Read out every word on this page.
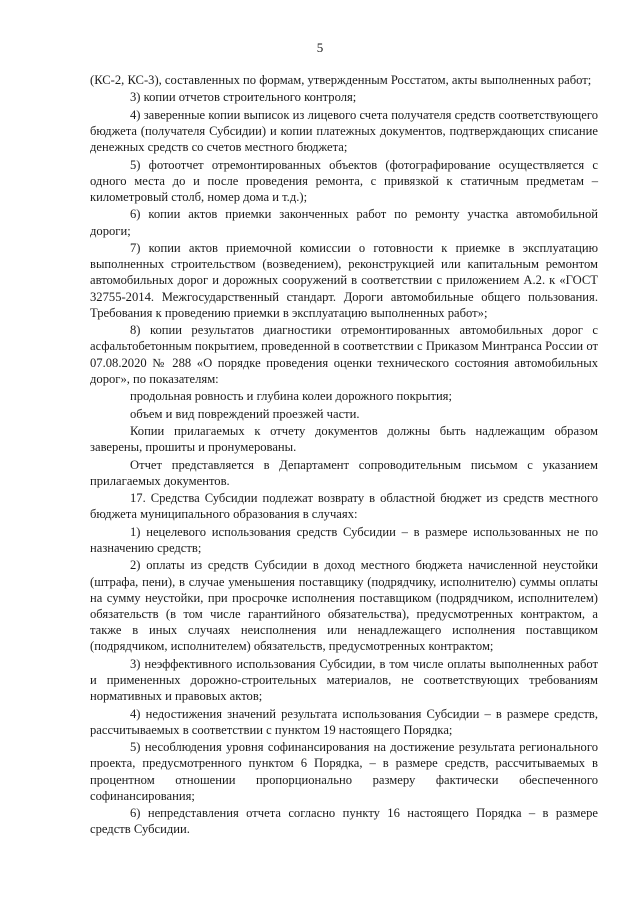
5

(КС-2, КС-3), составленных по формам, утвержденным Росстатом, акты выполненных работ;

3) копии отчетов строительного контроля;

4) заверенные копии выписок из лицевого счета получателя средств соответствующего бюджета (получателя Субсидии) и копии платежных документов, подтверждающих списание денежных средств со счетов местного бюджета;

5) фотоотчет отремонтированных объектов (фотографирование осуществляется с одного места до и после проведения ремонта, с привязкой к статичным предметам – километровый столб, номер дома и т.д.);

6) копии актов приемки законченных работ по ремонту участка автомобильной дороги;

7) копии актов приемочной комиссии о готовности к приемке в эксплуатацию выполненных строительством (возведением), реконструкцией или капитальным ремонтом автомобильных дорог и дорожных сооружений в соответствии с приложением А.2. к «ГОСТ 32755-2014. Межгосударственный стандарт. Дороги автомобильные общего пользования. Требования к проведению приемки в эксплуатацию выполненных работ»;

8) копии результатов диагностики отремонтированных автомобильных дорог с асфальтобетонным покрытием, проведенной в соответствии с Приказом Минтранса России от 07.08.2020 № 288 «О порядке проведения оценки технического состояния автомобильных дорог», по показателям:

продольная ровность и глубина колеи дорожного покрытия;

объем и вид повреждений проезжей части.

Копии прилагаемых к отчету документов должны быть надлежащим образом заверены, прошиты и пронумерованы.

Отчет представляется в Департамент сопроводительным письмом с указанием прилагаемых документов.

17. Средства Субсидии подлежат возврату в областной бюджет из средств местного бюджета муниципального образования в случаях:

1) нецелевого использования средств Субсидии – в размере использованных не по назначению средств;

2) оплаты из средств Субсидии в доход местного бюджета начисленной неустойки (штрафа, пени), в случае уменьшения поставщику (подрядчику, исполнителю) суммы оплаты на сумму неустойки, при просрочке исполнения поставщиком (подрядчиком, исполнителем) обязательств (в том числе гарантийного обязательства), предусмотренных контрактом, а также в иных случаях неисполнения или ненадлежащего исполнения поставщиком (подрядчиком, исполнителем) обязательств, предусмотренных контрактом;

3) неэффективного использования Субсидии, в том числе оплаты выполненных работ и примененных дорожно-строительных материалов, не соответствующих требованиям нормативных и правовых актов;

4) недостижения значений результата использования Субсидии – в размере средств, рассчитываемых в соответствии с пунктом 19 настоящего Порядка;

5) несоблюдения уровня софинансирования на достижение результата регионального проекта, предусмотренного пунктом 6 Порядка, – в размере средств, рассчитываемых в процентном отношении пропорционально размеру фактически обеспеченного софинансирования;

6) непредставления отчета согласно пункту 16 настоящего Порядка – в размере средств Субсидии.
